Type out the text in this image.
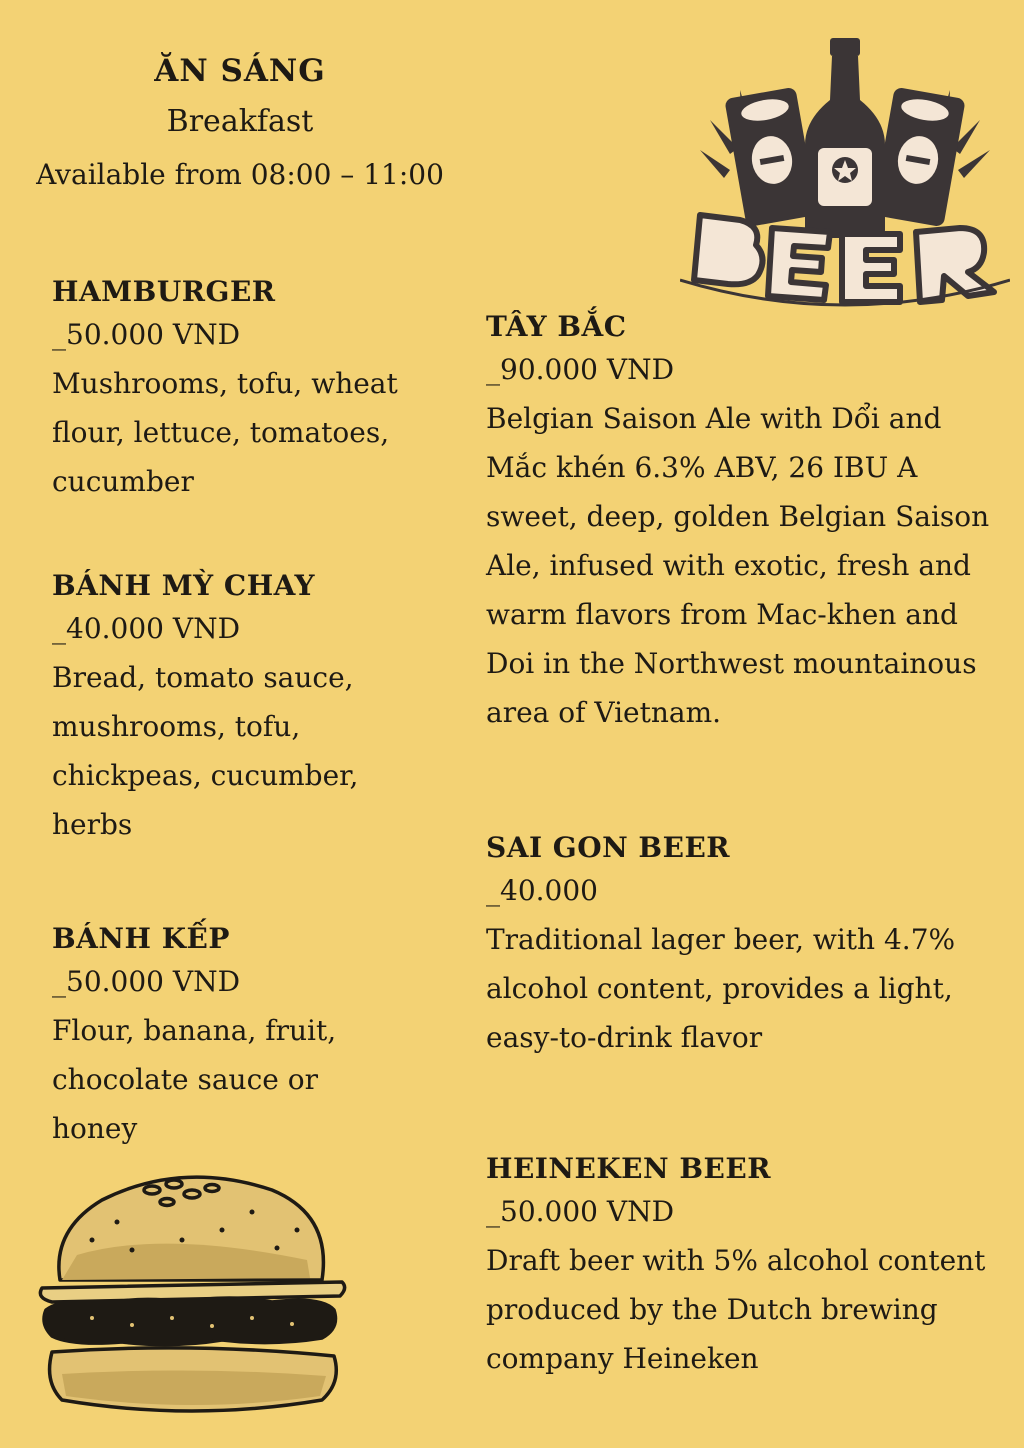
ĂN SÁNG
Breakfast
Available from 08:00 – 11:00
HAMBURGER
_50.000 VND
Mushrooms, tofu, wheat flour, lettuce, tomatoes, cucumber
BÁNH MỲ CHAY
_40.000 VND
Bread, tomato sauce, mushrooms, tofu, chickpeas, cucumber, herbs
BÁNH KẾP
_50.000 VND
Flour, banana, fruit, chocolate sauce or honey
TÂY BẮC
_90.000 VND
Belgian Saison Ale with Dổi and Mắc khén 6.3% ABV, 26 IBU A sweet, deep, golden Belgian Saison Ale, infused with exotic, fresh and warm flavors from Mac-khen and Doi in the Northwest mountainous area of Vietnam.
SAI GON BEER
_40.000
Traditional lager beer, with 4.7% alcohol content, provides a light, easy-to-drink flavor
HEINEKEN BEER
_50.000 VND
Draft beer with 5% alcohol content produced by the Dutch brewing company Heineken
